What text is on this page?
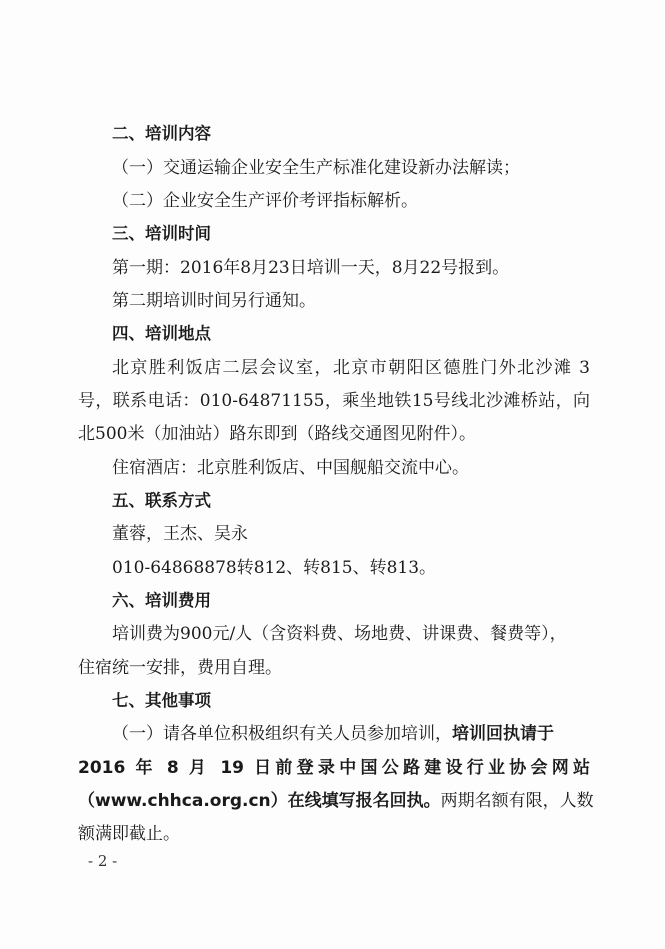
二、培训内容
（一）交通运输企业安全生产标准化建设新办法解读；
（二）企业安全生产评价考评指标解析。
三、培训时间
第一期：2016年8月23日培训一天，8月22号报到。
第二期培训时间另行通知。
四、培训地点
北京胜利饭店二层会议室，北京市朝阳区德胜门外北沙滩 3
号，联系电话：010-64871155，乘坐地铁15号线北沙滩桥站，向
北500米（加油站）路东即到（路线交通图见附件）。
住宿酒店：北京胜利饭店、中国舰船交流中心。
五、联系方式
董蓉，王杰、吴永
010-64868878转812、转815、转813。
六、培训费用
培训费为900元/人（含资料费、场地费、讲课费、餐费等），
住宿统一安排，费用自理。
七、其他事项
（一）请各单位积极组织有关人员参加培训，培训回执请于
2016 年 8 月 19 日前登录中国公路建设行业协会网站
（www.chhca.org.cn）在线填写报名回执。两期名额有限，人数
额满即截止。
- 2 -
